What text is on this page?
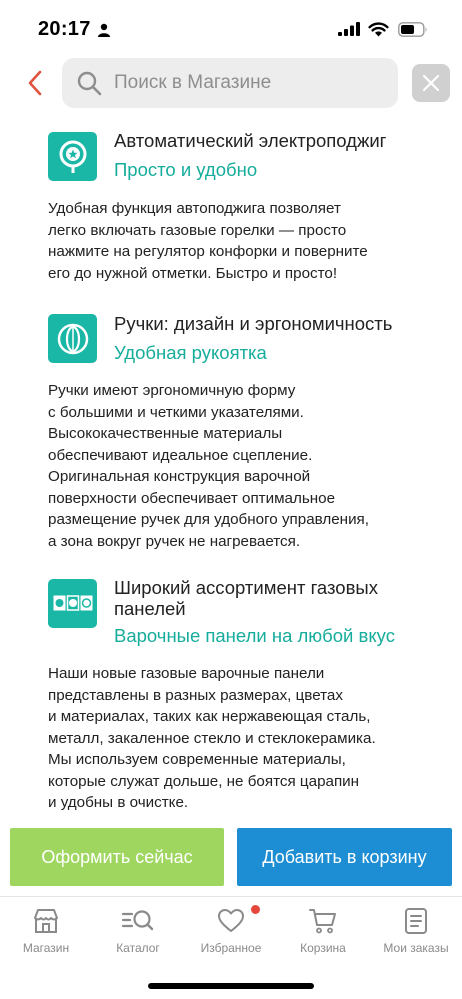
20:17
Поиск в Магазине
Автоматический электроподжиг
Просто и удобно
Удобная функция автоподжига позволяет
легко включать газовые горелки — просто
нажмите на регулятор конфорки и поверните
его до нужной отметки. Быстро и просто!
Ручки: дизайн и эргономичность
Удобная рукоятка
Ручки имеют эргономичную форму
с большими и четкими указателями.
Высококачественные материалы
обеспечивают идеальное сцепление.
Оригинальная конструкция варочной
поверхности обеспечивает оптимальное
размещение ручек для удобного управления,
а зона вокруг ручек не нагревается.
Широкий ассортимент газовых
панелей
Варочные панели на любой вкус
Наши новые газовые варочные панели
представлены в разных размерах, цветах
и материалах, таких как нержавеющая сталь,
металл, закаленное стекло и стеклокерамика.
Мы используем современные материалы,
которые служат дольше, не боятся царапин
и удобны в очистке.
Оформить сейчас	Добавить в корзину
Магазин	Каталог	Избранное	Корзина	Мои заказы
